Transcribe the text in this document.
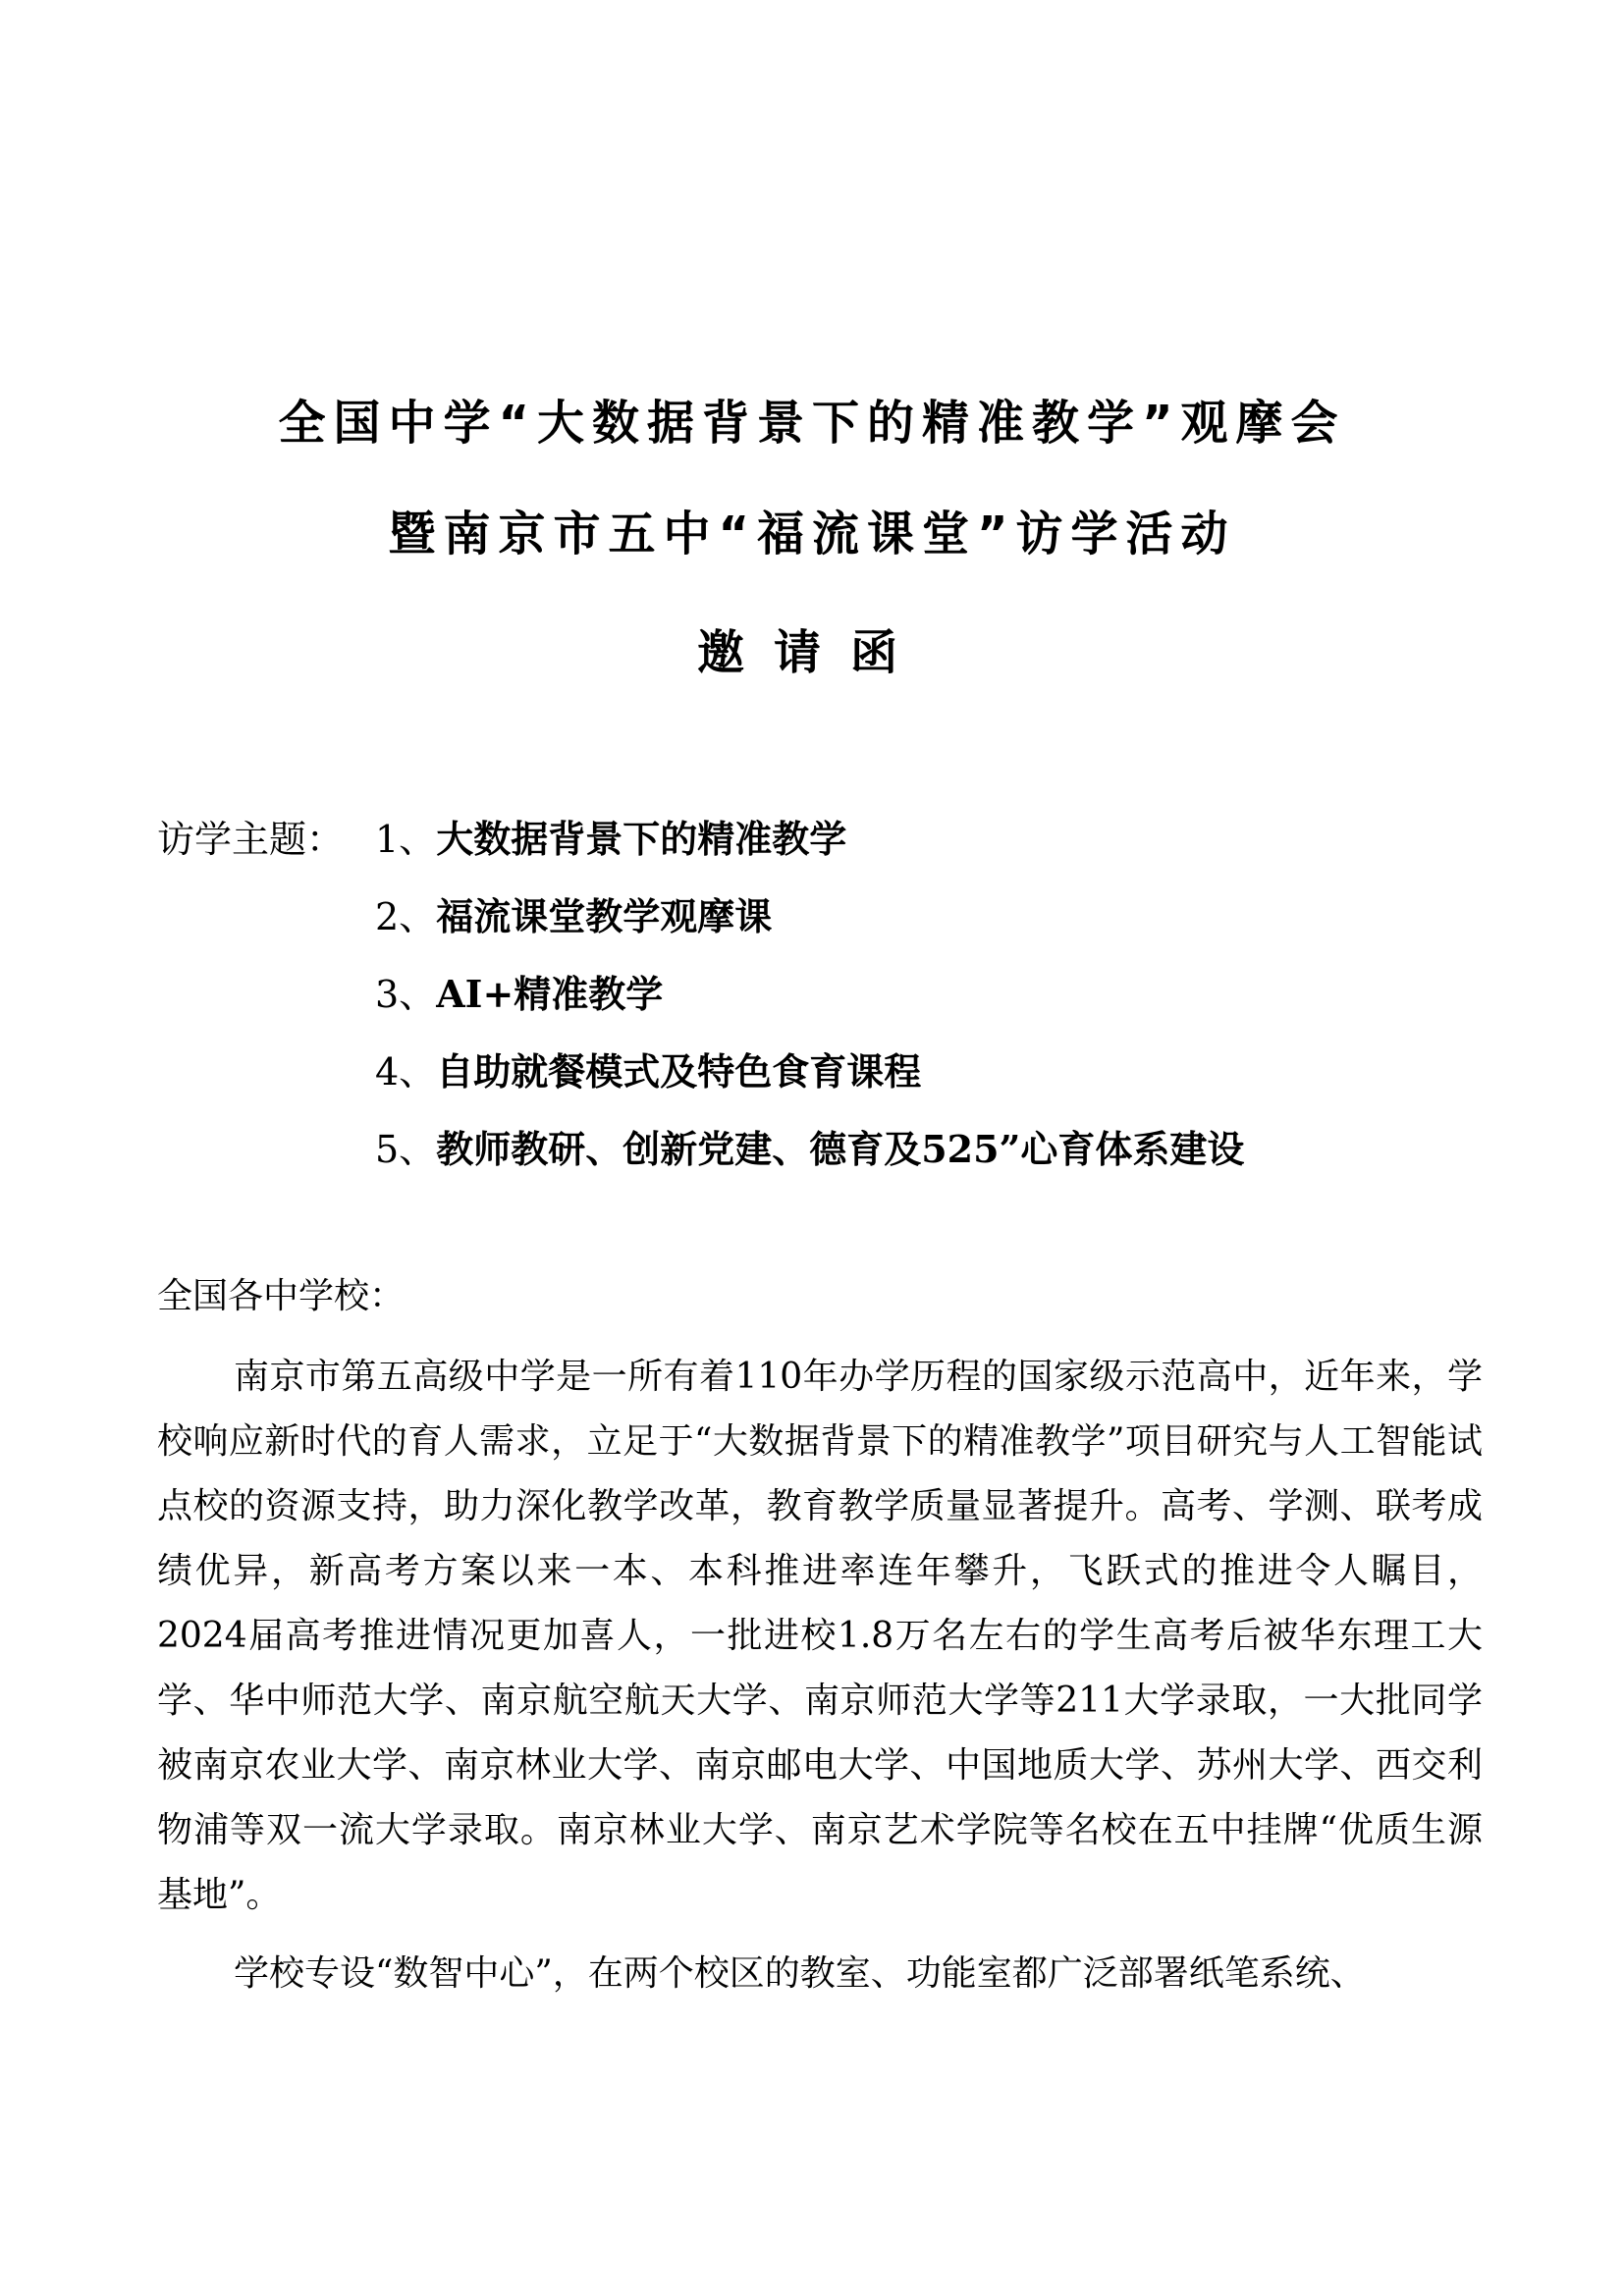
全国中学“大数据背景下的精准教学”观摩会
暨南京市五中“福流课堂”访学活动
邀请函
访学主题： 1、大数据背景下的精准教学
2、福流课堂教学观摩课
3、AI+精准教学
4、自助就餐模式及特色食育课程
5、教师教研、创新党建、德育及525”心育体系建设
全国各中学校：

南京市第五高级中学是一所有着110年办学历程的国家级示范高中，近年来，学校响应新时代的育人需求，立足于“大数据背景下的精准教学”项目研究与人工智能试点校的资源支持，助力深化教学改革，教育教学质量显著提升。高考、学测、联考成绩优异，新高考方案以来一本、本科推进率连年攀升，飞跃式的推进令人瞩目，2024届高考推进情况更加喜人，一批进校1.8万名左右的学生高考后被华东理工大学、华中师范大学、南京航空航天大学、南京师范大学等211大学录取，一大批同学被南京农业大学、南京林业大学、南京邮电大学、中国地质大学、苏州大学、西交利物浦等双一流大学录取。南京林业大学、南京艺术学院等名校在五中挂牌“优质生源基地”。

学校专设“数智中心”，在两个校区的教室、功能室都广泛部署纸笔系统、
